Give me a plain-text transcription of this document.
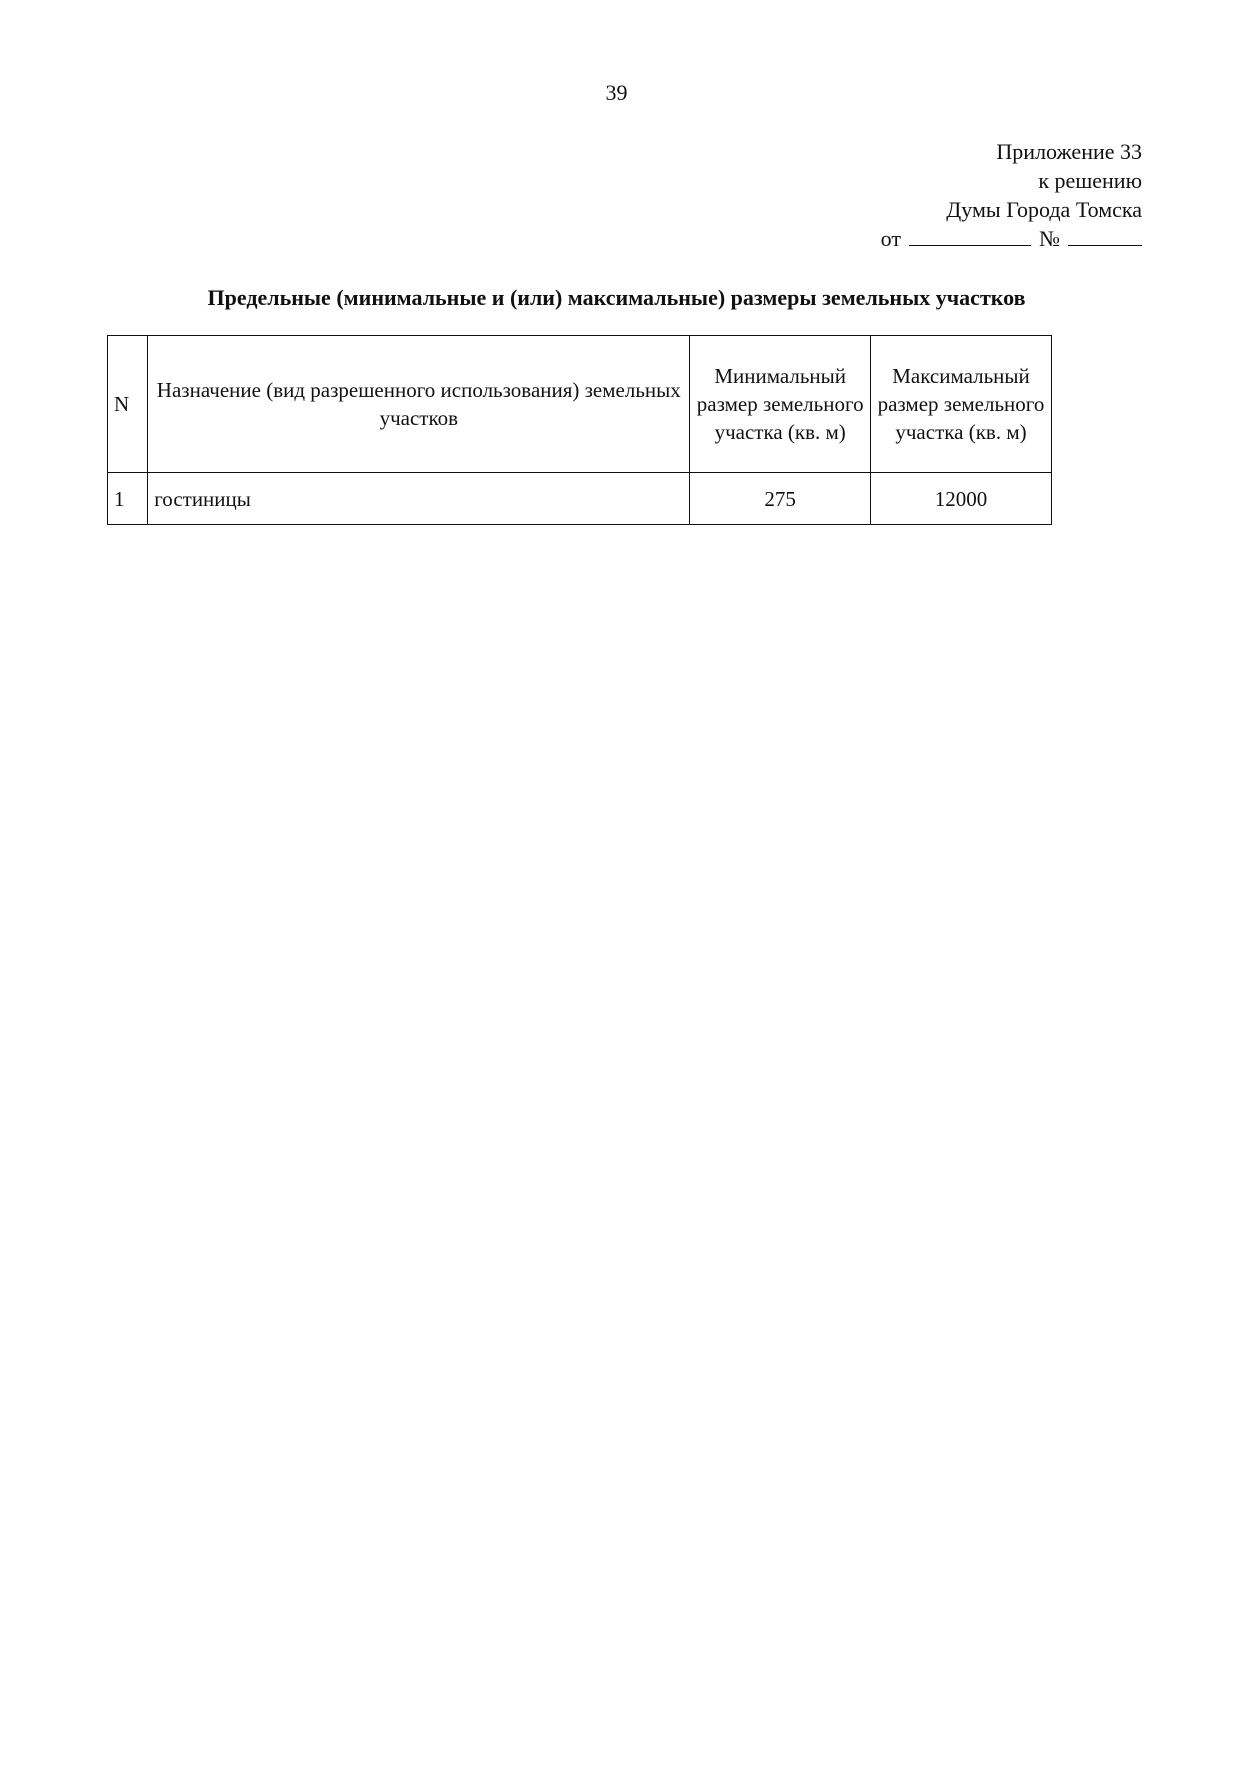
39
Приложение 33
к решению
Думы Города Томска
от	№
Предельные (минимальные и (или) максимальные) размеры земельных участков
N	Назначение (вид разрешенного использования) земельных участков	Минимальный размер земельного участка (кв. м)	Максимальный размер земельного участка (кв. м)
1	гостиницы	275	12000
